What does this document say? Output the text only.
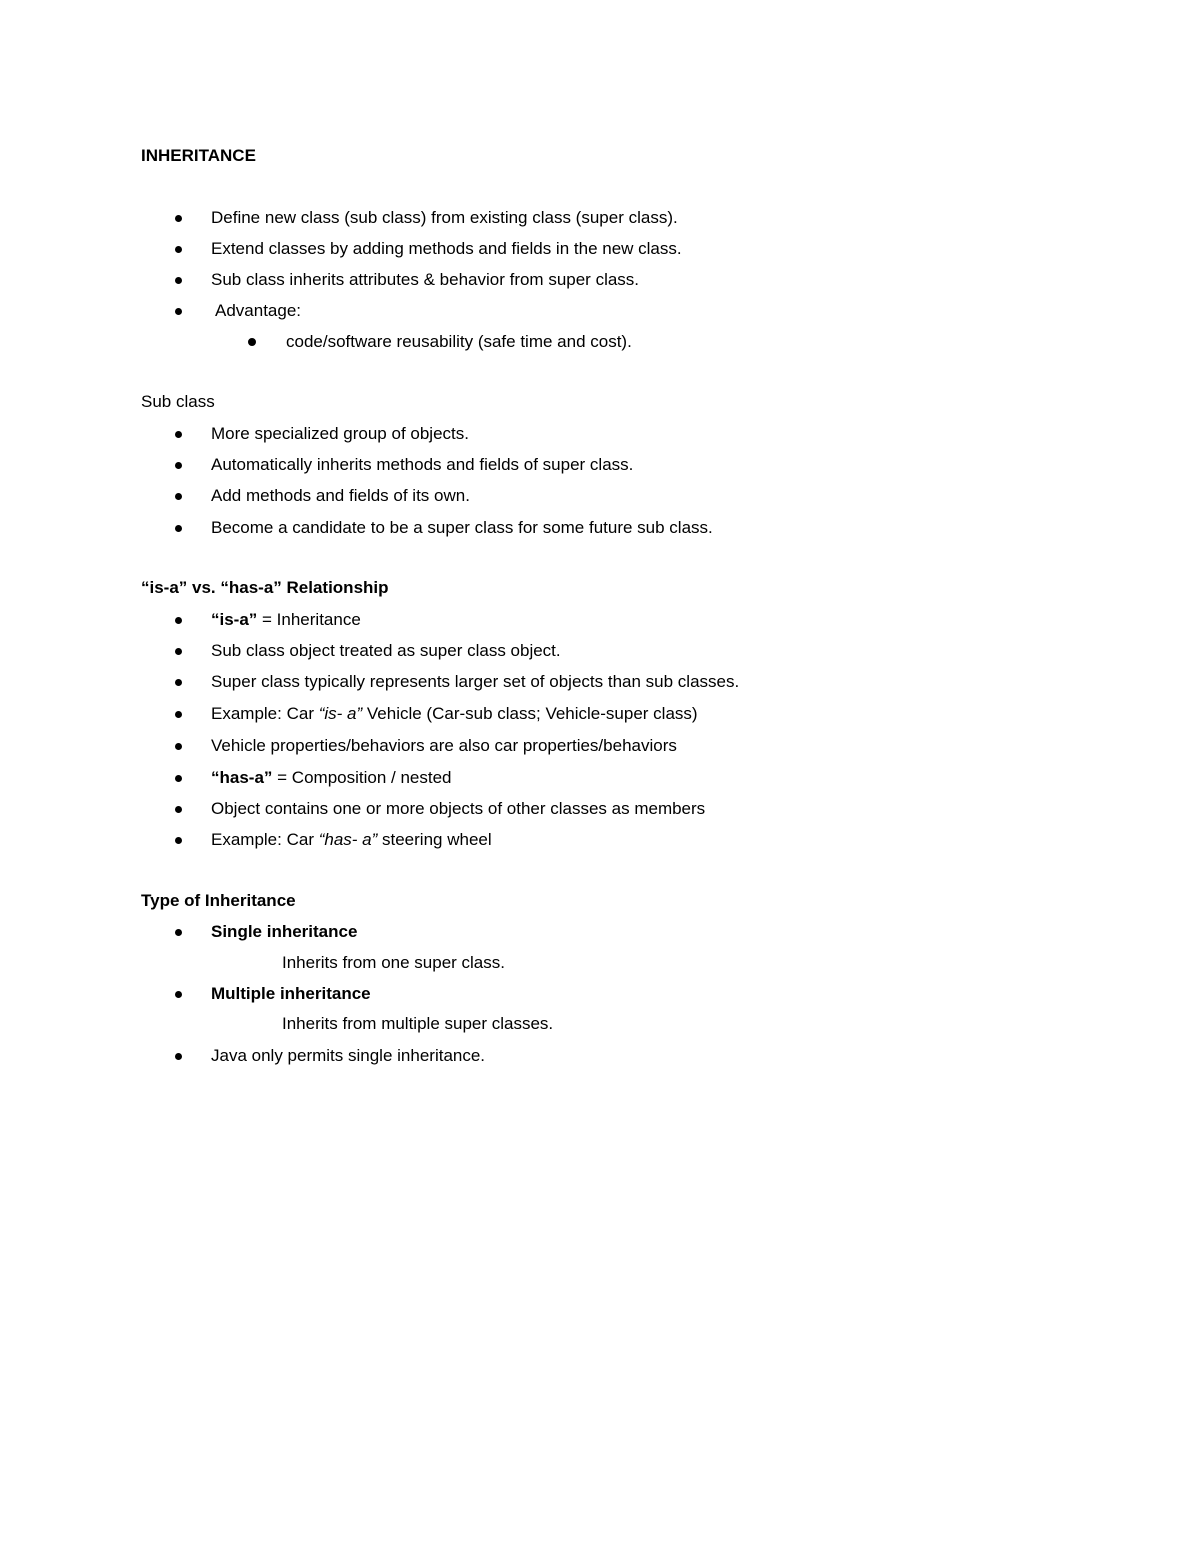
INHERITANCE
Define new class (sub class) from existing class (super class).
Extend classes by adding methods and fields in the new class.
Sub class inherits attributes & behavior from super class.
Advantage:
code/software reusability (safe time and cost).
Sub class
More specialized group of objects.
Automatically inherits methods and fields of super class.
Add methods and fields of its own.
Become a candidate to be a super class for some future sub class.
“is-a” vs. “has-a” Relationship
“is-a” = Inheritance
Sub class object treated as super class object.
Super class typically represents larger set of objects than sub classes.
Example: Car “is- a” Vehicle (Car-sub class; Vehicle-super class)
Vehicle properties/behaviors are also car properties/behaviors
“has-a” = Composition / nested
Object contains one or more objects of other classes as members
Example: Car “has- a” steering wheel
Type of Inheritance
Single inheritance
Inherits from one super class.
Multiple inheritance
Inherits from multiple super classes.
Java only permits single inheritance.
